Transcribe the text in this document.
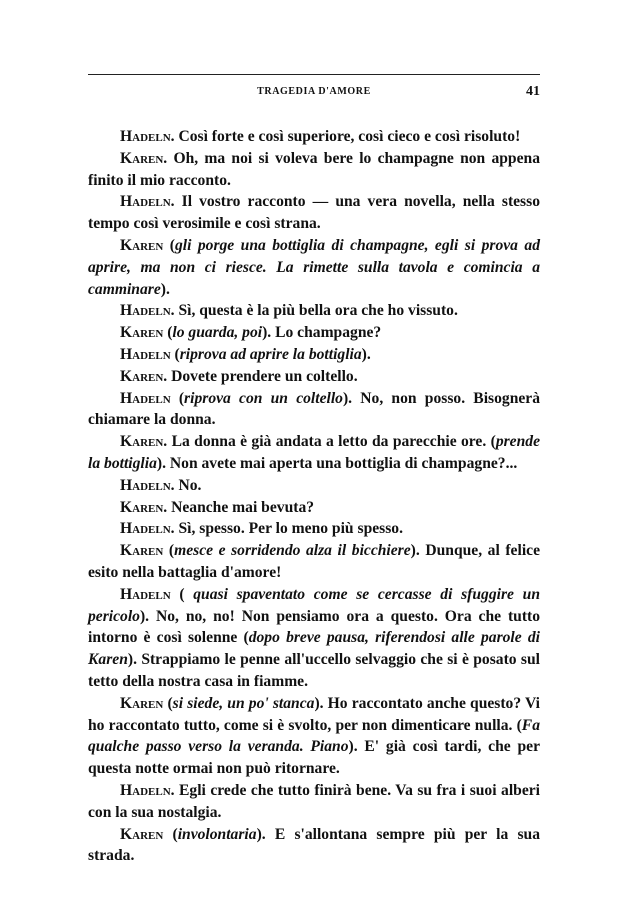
TRAGEDIA D'AMORE	41

Hadeln. Così forte e così superiore, così cieco e così risoluto!

Karen. Oh, ma noi si voleva bere lo champagne non appena finito il mio racconto.

Hadeln. Il vostro racconto — una vera novella, nella stesso tempo così verosimile e così strana.

Karen (gli porge una bottiglia di champagne, egli si prova ad aprire, ma non ci riesce. La rimette sulla tavola e comincia a camminare).

Hadeln. Sì, questa è la più bella ora che ho vissuto.

Karen (lo guarda, poi). Lo champagne?

Hadeln (riprova ad aprire la bottiglia).

Karen. Dovete prendere un coltello.

Hadeln (riprova con un coltello). No, non posso. Bisognerà chiamare la donna.

Karen. La donna è già andata a letto da parecchie ore. (prende la bottiglia). Non avete mai aperta una bottiglia di champagne?...

Hadeln. No.

Karen. Neanche mai bevuta?

Hadeln. Sì, spesso. Per lo meno più spesso.

Karen (mesce e sorridendo alza il bicchiere). Dunque, al felice esito nella battaglia d'amore!

Hadeln ( quasi spaventato come se cercasse di sfuggire un pericolo). No, no, no! Non pensiamo ora a questo. Ora che tutto intorno è così solenne (dopo breve pausa, riferendosi alle parole di Karen). Strappiamo le penne all'uccello selvaggio che si è posato sul tetto della nostra casa in fiamme.

Karen (si siede, un po' stanca). Ho raccontato anche questo? Vi ho raccontato tutto, come si è svolto, per non dimenticare nulla. (Fa qualche passo verso la veranda. Piano). E' già così tardi, che per questa notte ormai non può ritornare.

Hadeln. Egli crede che tutto finirà bene. Va su fra i suoi alberi con la sua nostalgia.

Karen (involontaria). E s'allontana sempre più per la sua strada.
